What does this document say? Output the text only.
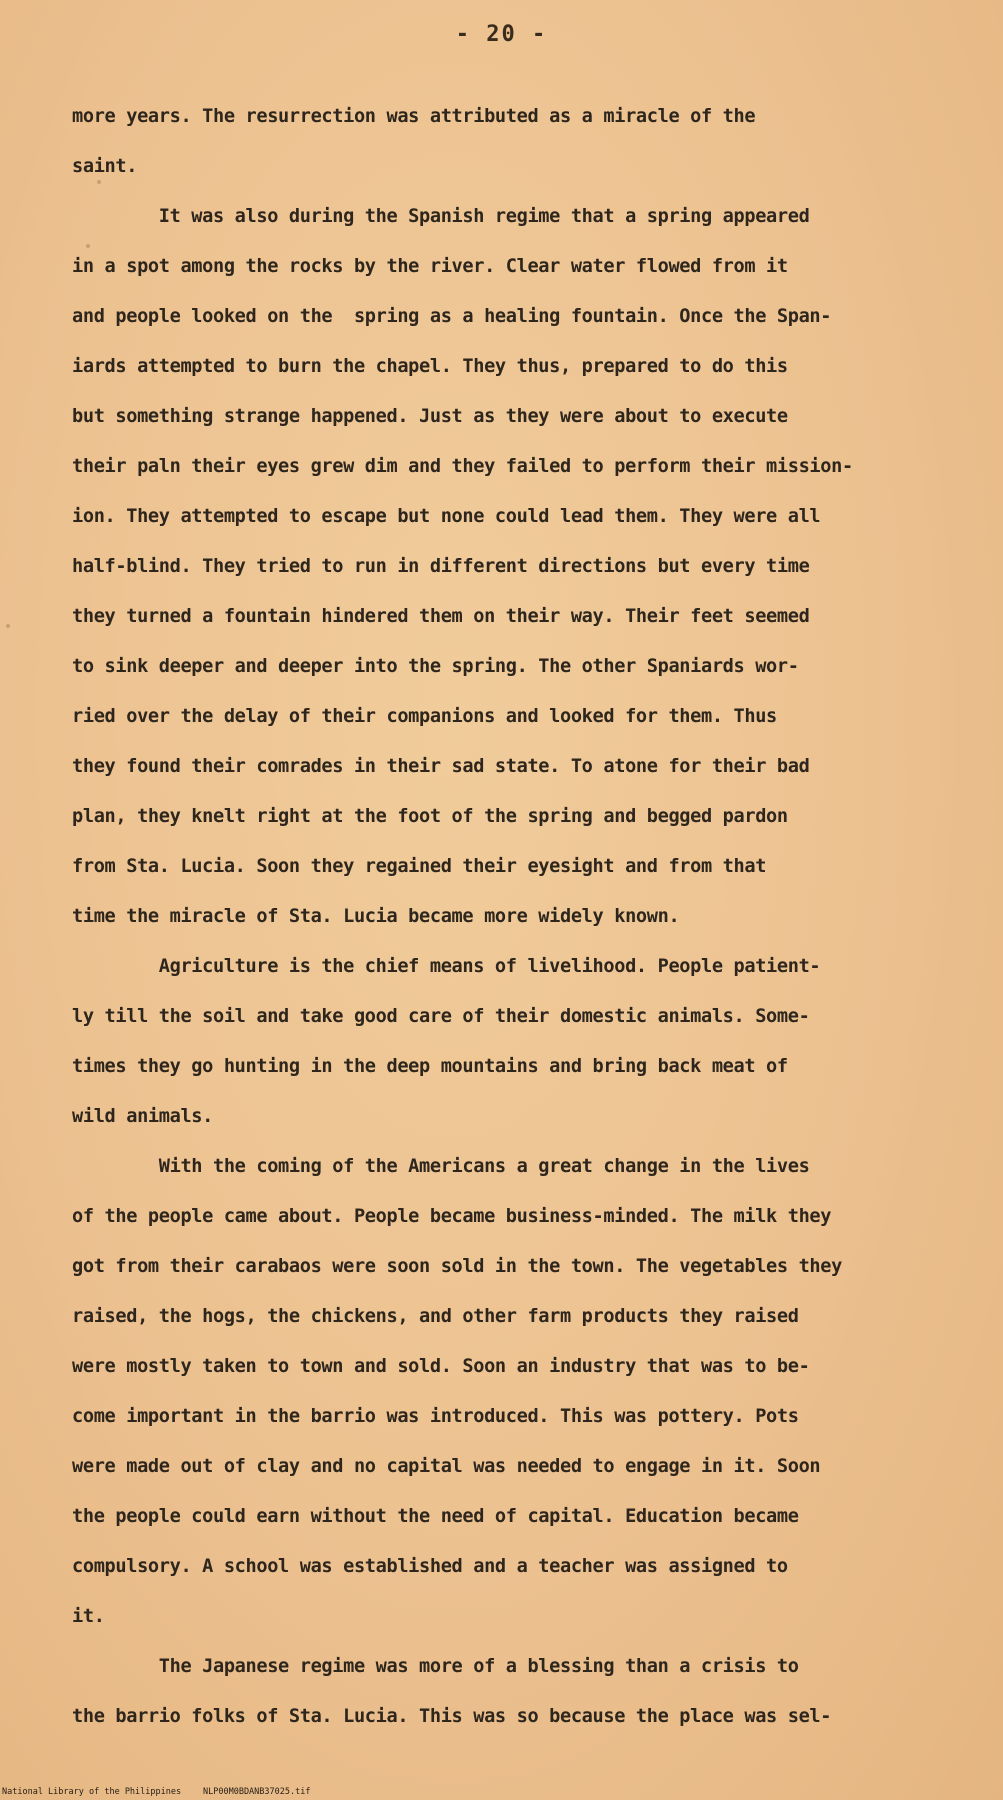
- 20 -
more years. The resurrection was attributed as a miracle of the
saint.
It was also during the Spanish regime that a spring appeared
in a spot among the rocks by the river. Clear water flowed from it
and people looked on the  spring as a healing fountain. Once the Span-
iards attempted to burn the chapel. They thus, prepared to do this
but something strange happened. Just as they were about to execute
their paln their eyes grew dim and they failed to perform their mission-
ion. They attempted to escape but none could lead them. They were all
half-blind. They tried to run in different directions but every time
they turned a fountain hindered them on their way. Their feet seemed
to sink deeper and deeper into the spring. The other Spaniards wor-
ried over the delay of their companions and looked for them. Thus
they found their comrades in their sad state. To atone for their bad
plan, they knelt right at the foot of the spring and begged pardon
from Sta. Lucia. Soon they regained their eyesight and from that
time the miracle of Sta. Lucia became more widely known.
Agriculture is the chief means of livelihood. People patient-
ly till the soil and take good care of their domestic animals. Some-
times they go hunting in the deep mountains and bring back meat of
wild animals.
With the coming of the Americans a great change in the lives
of the people came about. People became business-minded. The milk they
got from their carabaos were soon sold in the town. The vegetables they
raised, the hogs, the chickens, and other farm products they raised
were mostly taken to town and sold. Soon an industry that was to be-
come important in the barrio was introduced. This was pottery. Pots
were made out of clay and no capital was needed to engage in it. Soon
the people could earn without the need of capital. Education became
compulsory. A school was established and a teacher was assigned to
it.
The Japanese regime was more of a blessing than a crisis to
the barrio folks of Sta. Lucia. This was so because the place was sel-

National Library of the Philippines

	NLP00M0BDANB37025.tif
